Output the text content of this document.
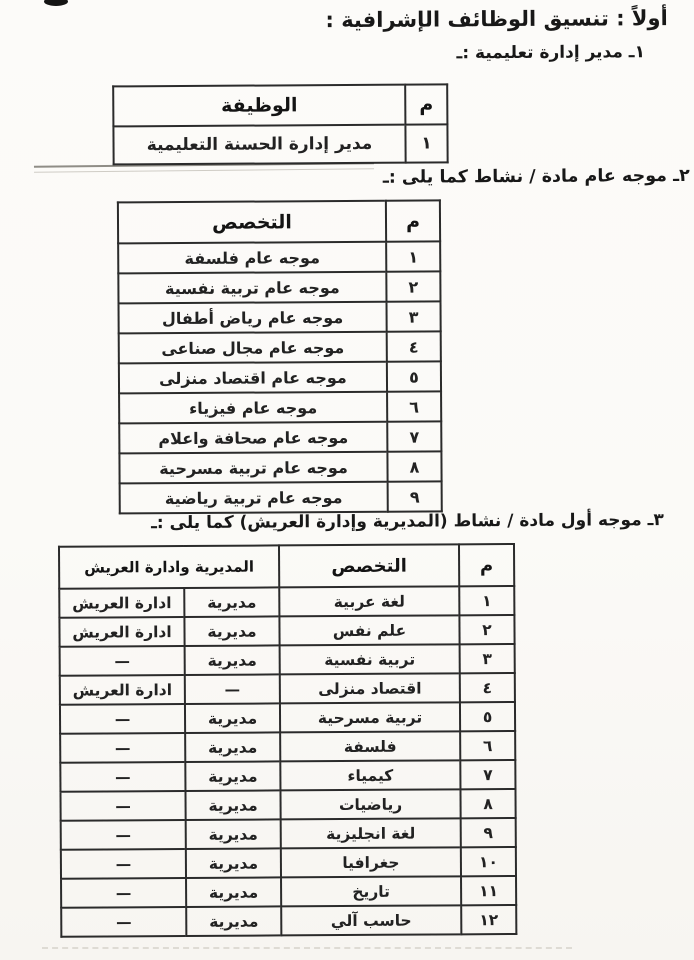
أولاً : تنسيق الوظائف الإشرافية :
١ـ مدير إدارة تعليمية :ـ
م	الوظيفة
١	مدير إدارة الحسنة التعليمية
٢ـ موجه عام مادة / نشاط كما يلى :ـ
م	التخصص
١	موجه عام فلسفة
٢	موجه عام تربية نفسية
٣	موجه عام رياض أطفال
٤	موجه عام مجال صناعى
٥	موجه عام اقتصاد منزلى
٦	موجه عام فيزياء
٧	موجه عام صحافة واعلام
٨	موجه عام تربية مسرحية
٩	موجه عام تربية رياضية
٣ـ موجه أول مادة / نشاط (المديرية وإدارة العريش) كما يلى :ـ
م	التخصص	المديرية وادارة العريش	
١	لغة عربية	مديرية	ادارة العريش
٢	علم نفس	مديرية	ادارة العريش
٣	تربية نفسية	مديرية	—
٤	اقتصاد منزلى	—	ادارة العريش
٥	تربية مسرحية	مديرية	—
٦	فلسفة	مديرية	—
٧	كيمياء	مديرية	—
٨	رياضيات	مديرية	—
٩	لغة انجليزية	مديرية	—
١٠	جغرافيا	مديرية	—
١١	تاريخ	مديرية	—
١٢	حاسب آلي	مديرية	—
